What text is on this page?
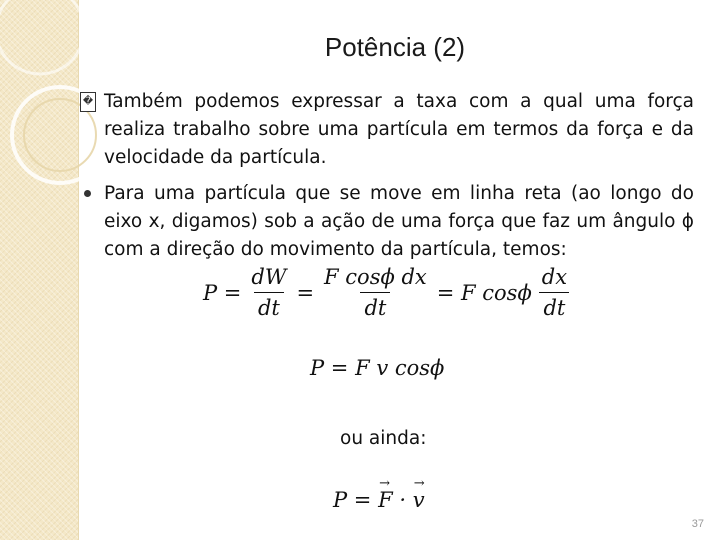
Potência (2)
� Também podemos expressar a taxa com a qual uma força realiza trabalho sobre uma partícula em termos da força e da velocidade da partícula.
Para uma partícula que se move em linha reta (ao longo do eixo x, digamos) sob a ação de uma força que faz um ângulo ϕ com a direção do movimento da partícula, temos:
$P = \frac{dW}{dt} = \frac{\text{F cosϕ dx}}{dt} = F$ cosϕ $\frac{dx}{dt}$
P = F v cosϕ
ou ainda:
P =
→
F ·
→
v
37
